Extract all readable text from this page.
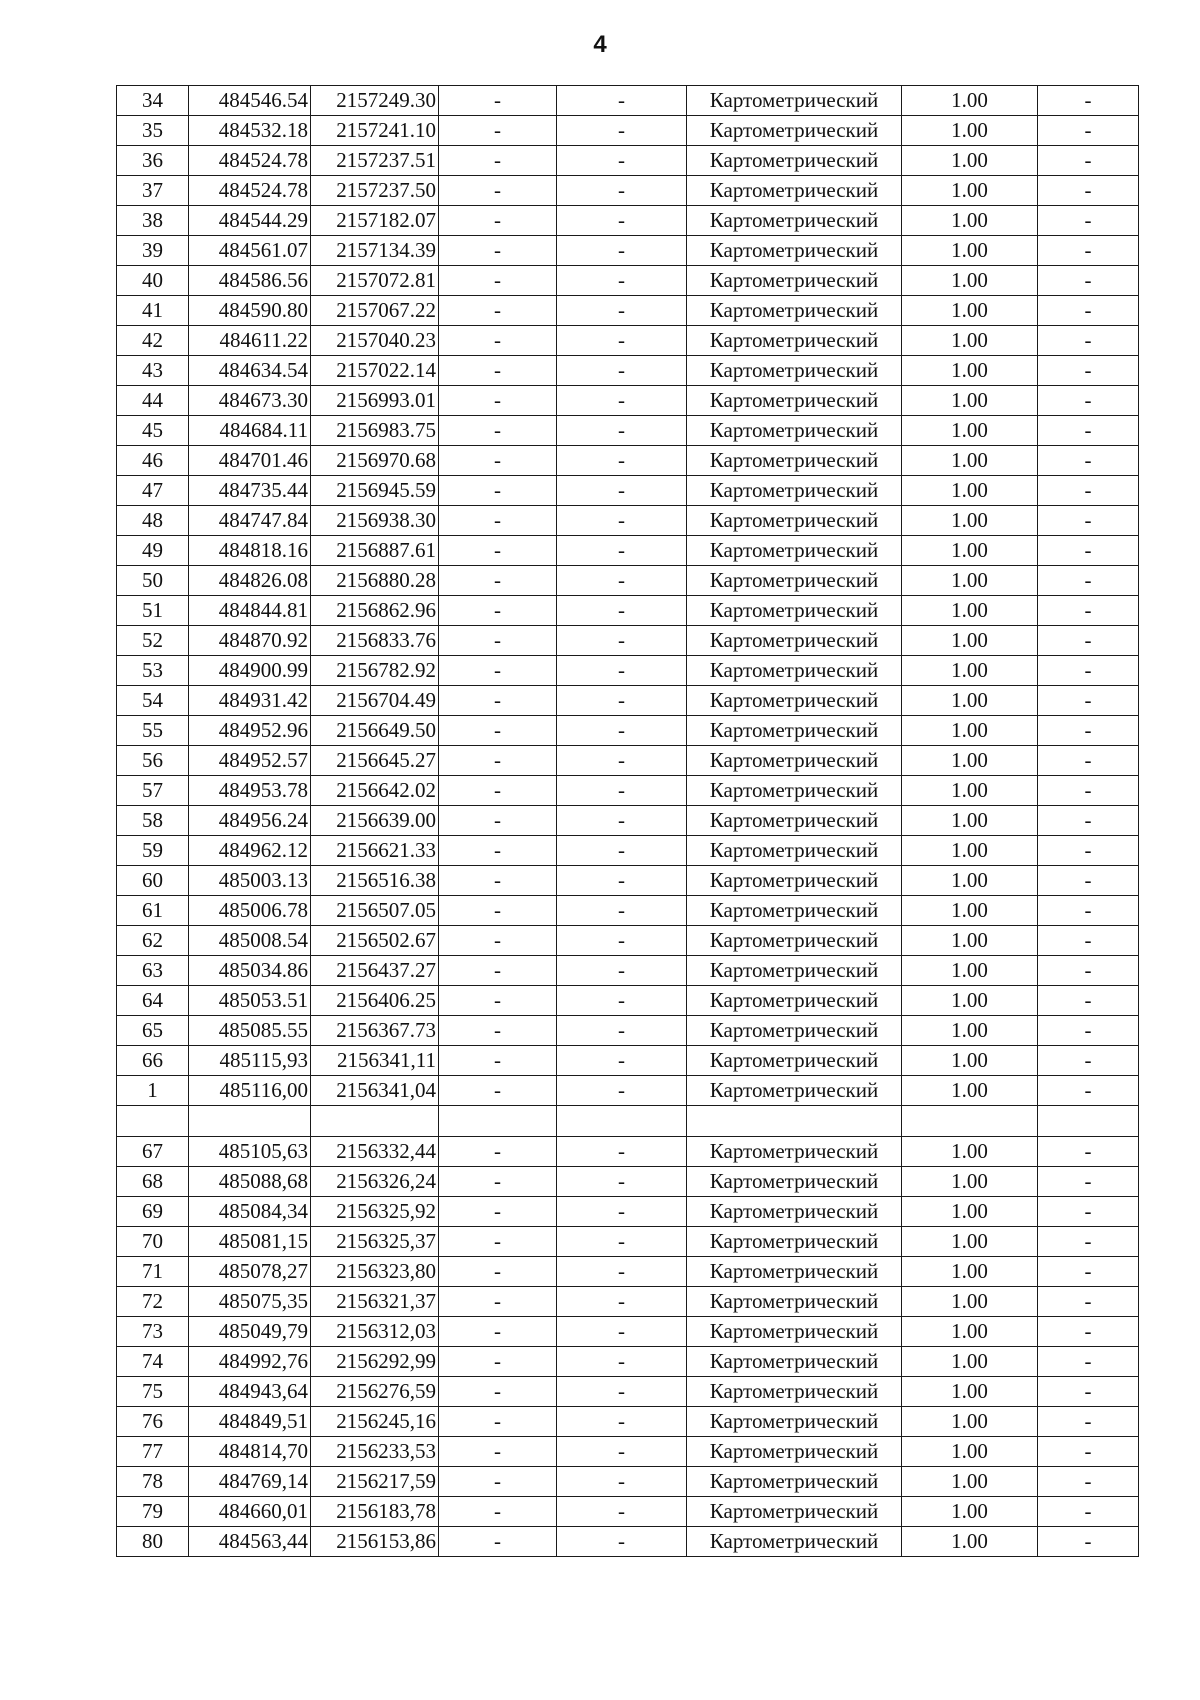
4
34	484546.54	2157249.30	-	-	Картометрический	1.00	-
35	484532.18	2157241.10	-	-	Картометрический	1.00	-
36	484524.78	2157237.51	-	-	Картометрический	1.00	-
37	484524.78	2157237.50	-	-	Картометрический	1.00	-
38	484544.29	2157182.07	-	-	Картометрический	1.00	-
39	484561.07	2157134.39	-	-	Картометрический	1.00	-
40	484586.56	2157072.81	-	-	Картометрический	1.00	-
41	484590.80	2157067.22	-	-	Картометрический	1.00	-
42	484611.22	2157040.23	-	-	Картометрический	1.00	-
43	484634.54	2157022.14	-	-	Картометрический	1.00	-
44	484673.30	2156993.01	-	-	Картометрический	1.00	-
45	484684.11	2156983.75	-	-	Картометрический	1.00	-
46	484701.46	2156970.68	-	-	Картометрический	1.00	-
47	484735.44	2156945.59	-	-	Картометрический	1.00	-
48	484747.84	2156938.30	-	-	Картометрический	1.00	-
49	484818.16	2156887.61	-	-	Картометрический	1.00	-
50	484826.08	2156880.28	-	-	Картометрический	1.00	-
51	484844.81	2156862.96	-	-	Картометрический	1.00	-
52	484870.92	2156833.76	-	-	Картометрический	1.00	-
53	484900.99	2156782.92	-	-	Картометрический	1.00	-
54	484931.42	2156704.49	-	-	Картометрический	1.00	-
55	484952.96	2156649.50	-	-	Картометрический	1.00	-
56	484952.57	2156645.27	-	-	Картометрический	1.00	-
57	484953.78	2156642.02	-	-	Картометрический	1.00	-
58	484956.24	2156639.00	-	-	Картометрический	1.00	-
59	484962.12	2156621.33	-	-	Картометрический	1.00	-
60	485003.13	2156516.38	-	-	Картометрический	1.00	-
61	485006.78	2156507.05	-	-	Картометрический	1.00	-
62	485008.54	2156502.67	-	-	Картометрический	1.00	-
63	485034.86	2156437.27	-	-	Картометрический	1.00	-
64	485053.51	2156406.25	-	-	Картометрический	1.00	-
65	485085.55	2156367.73	-	-	Картометрический	1.00	-
66	485115,93	2156341,11	-	-	Картометрический	1.00	-
1	485116,00	2156341,04	-	-	Картометрический	1.00	-

67	485105,63	2156332,44	-	-	Картометрический	1.00	-
68	485088,68	2156326,24	-	-	Картометрический	1.00	-
69	485084,34	2156325,92	-	-	Картометрический	1.00	-
70	485081,15	2156325,37	-	-	Картометрический	1.00	-
71	485078,27	2156323,80	-	-	Картометрический	1.00	-
72	485075,35	2156321,37	-	-	Картометрический	1.00	-
73	485049,79	2156312,03	-	-	Картометрический	1.00	-
74	484992,76	2156292,99	-	-	Картометрический	1.00	-
75	484943,64	2156276,59	-	-	Картометрический	1.00	-
76	484849,51	2156245,16	-	-	Картометрический	1.00	-
77	484814,70	2156233,53	-	-	Картометрический	1.00	-
78	484769,14	2156217,59	-	-	Картометрический	1.00	-
79	484660,01	2156183,78	-	-	Картометрический	1.00	-
80	484563,44	2156153,86	-	-	Картометрический	1.00	-
